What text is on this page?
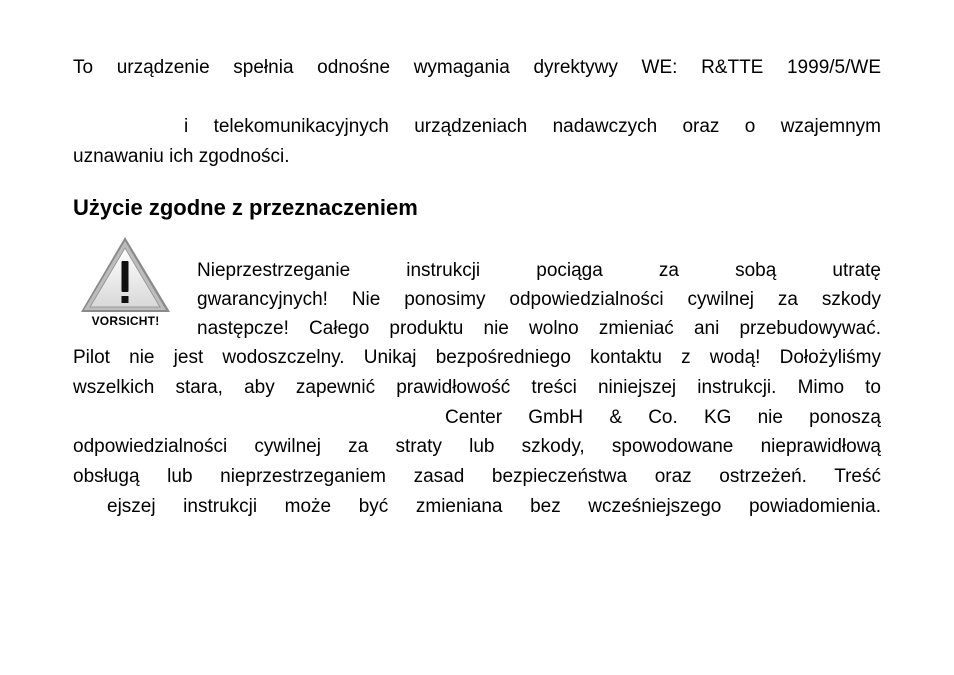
To urządzenie spełnia odnośne wymagania dyrektywy WE: R&TTE 1999/5/WE
i telekomunikacyjnych urządzeniach nadawczych oraz o wzajemnym
uznawaniu ich zgodności.
Użycie zgodne z przeznaczeniem
VORSICHT!
Nieprzestrzeganie instrukcji pociąga za sobą utratę
gwarancyjnych! Nie ponosimy odpowiedzialności cywilnej za szkody
następcze! Całego produktu nie wolno zmieniać ani przebudowywać.
Pilot nie jest wodoszczelny. Unikaj bezpośredniego kontaktu z wodą! Dołożyliśmy
wszelkich stara, aby zapewnić prawidłowość treści niniejszej instrukcji. Mimo to
Center GmbH & Co. KG nie ponoszą
odpowiedzialności cywilnej za straty lub szkody, spowodowane nieprawidłową
obsługą lub nieprzestrzeganiem zasad bezpieczeństwa oraz ostrzeżeń. Treść
ejszej instrukcji może być zmieniana bez wcześniejszego powiadomienia.
